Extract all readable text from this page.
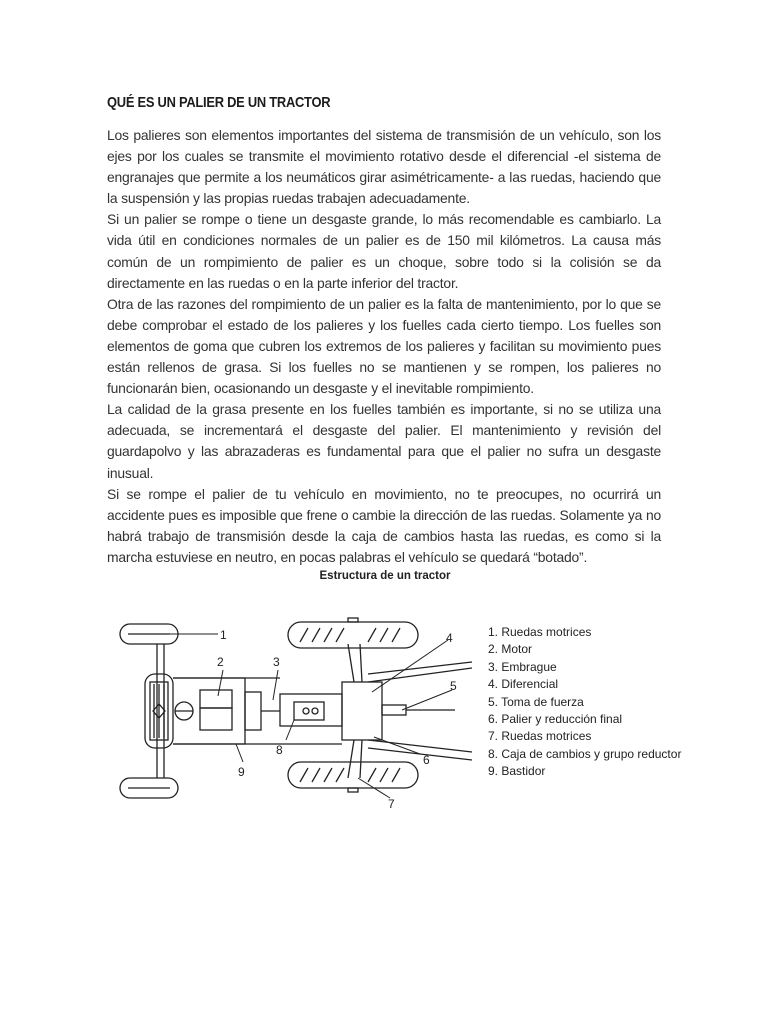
QUÉ ES UN PALIER DE UN TRACTOR

Los palieres son elementos importantes del sistema de transmisión de un vehículo, son los ejes por los cuales se transmite el movimiento rotativo desde el diferencial -el sistema de engranajes que permite a los neumáticos girar asimétricamente- a las ruedas, haciendo que la suspensión y las propias ruedas trabajen adecuadamente.

Si un palier se rompe o tiene un desgaste grande, lo más recomendable es cambiarlo. La vida útil en condiciones normales de un palier es de 150 mil kilómetros. La causa más común de un rompimiento de palier es un choque, sobre todo si la colisión se da directamente en las ruedas o en la parte inferior del tractor.

Otra de las razones del rompimiento de un palier es la falta de mantenimiento, por lo que se debe comprobar el estado de los palieres y los fuelles cada cierto tiempo. Los fuelles son elementos de goma que cubren los extremos de los palieres y facilitan su movimiento pues están rellenos de grasa. Si los fuelles no se mantienen y se rompen, los palieres no funcionarán bien, ocasionando un desgaste y el inevitable rompimiento.

La calidad de la grasa presente en los fuelles también es importante, si no se utiliza una adecuada, se incrementará el desgaste del palier. El mantenimiento y revisión del guardapolvo y las abrazaderas es fundamental para que el palier no sufra un desgaste inusual.

Si se rompe el palier de tu vehículo en movimiento, no te preocupes, no ocurrirá un accidente pues es imposible que frene o cambie la dirección de las ruedas. Solamente ya no habrá trabajo de transmisión desde la caja de cambios hasta las ruedas, es como si la marcha estuviese en neutro, en pocas palabras el vehículo se quedará “botado”.

Estructura de un tractor
1
2	3
4
5
6
7
8
9
1. Ruedas motrices
2. Motor
3. Embrague
4. Diferencial
5. Toma de fuerza
6. Palier y reducción final
7. Ruedas motrices
8. Caja de cambios y grupo reductor
9. Bastidor
